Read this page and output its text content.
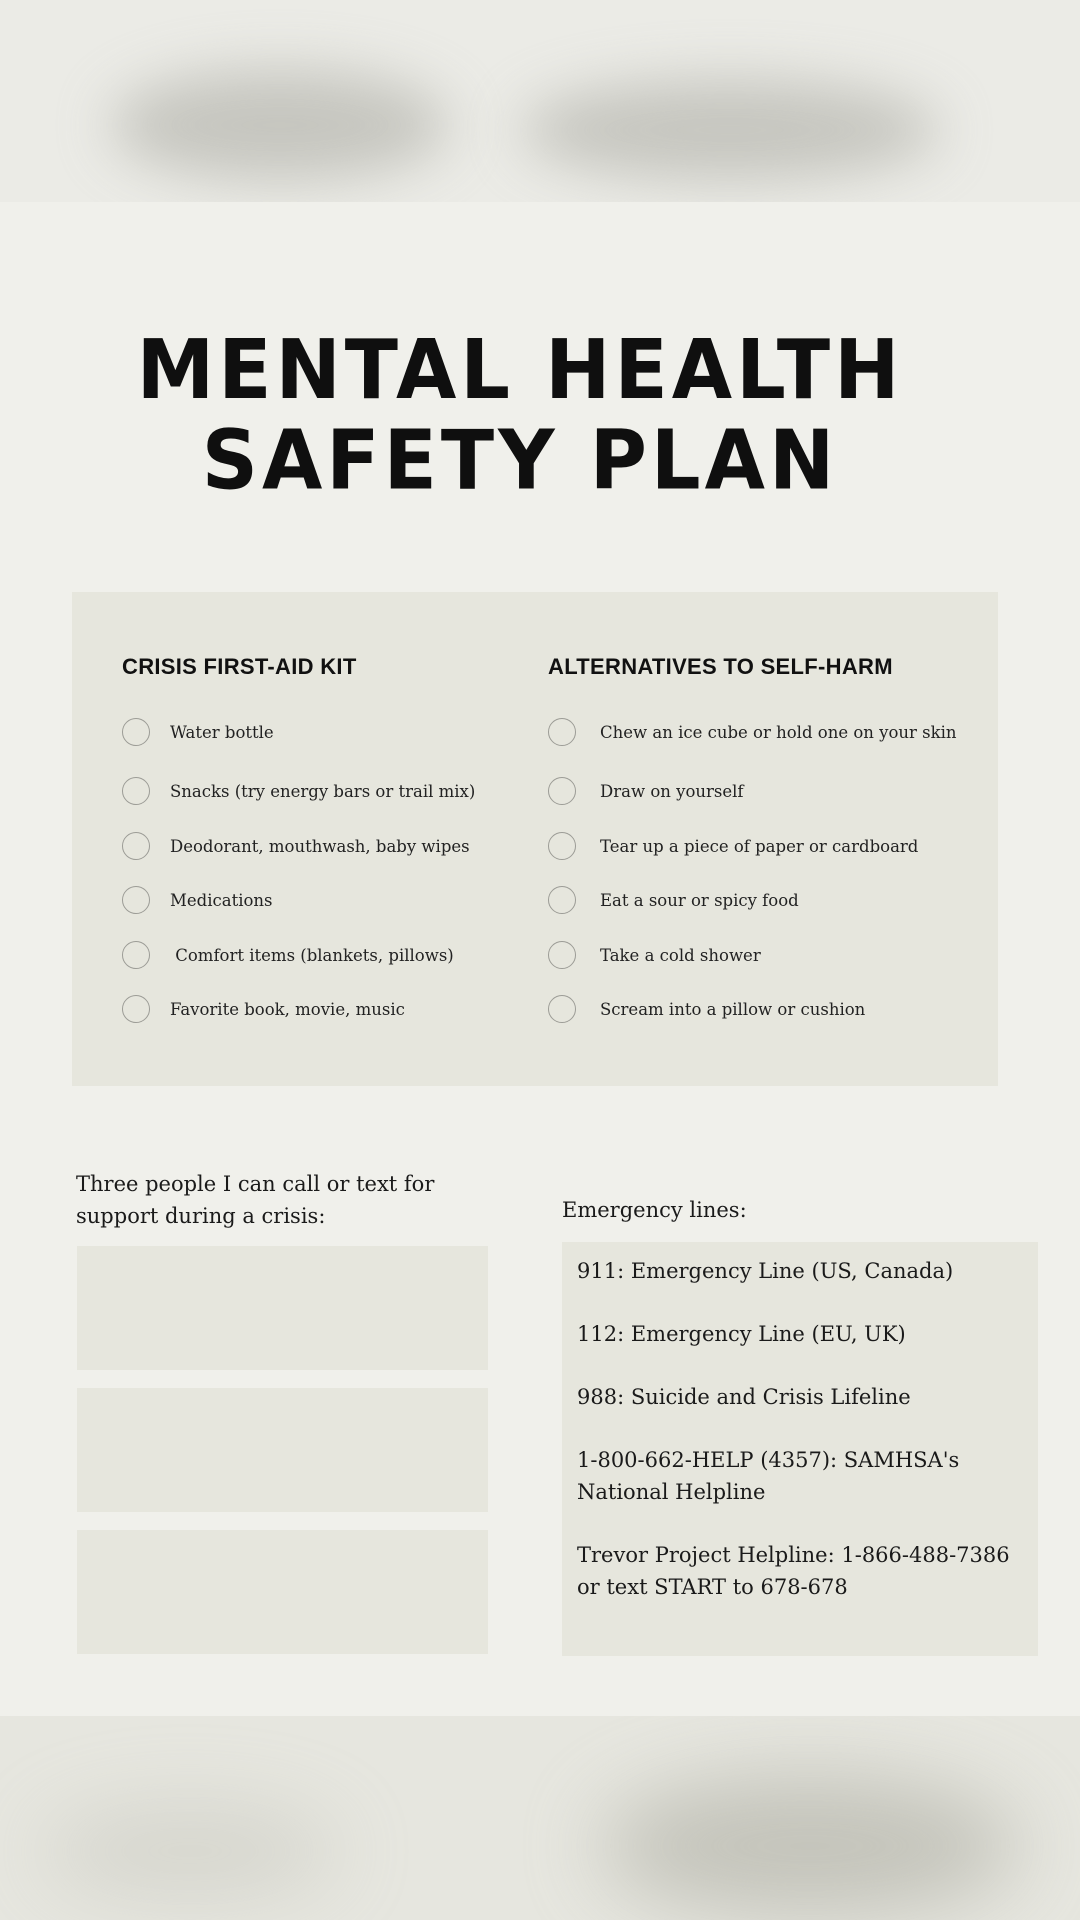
MENTAL HEALTH
SAFETY PLAN
CRISIS FIRST-AID KIT
Water bottle
Snacks (try energy bars or trail mix)
Deodorant, mouthwash, baby wipes
Medications
Comfort items (blankets, pillows)
Favorite book, movie, music
ALTERNATIVES TO SELF-HARM
Chew an ice cube or hold one on your skin
Draw on yourself
Tear up a piece of paper or cardboard
Eat a sour or spicy food
Take a cold shower
Scream into a pillow or cushion
Three people I can call or text for support during a crisis:	Emergency lines:
911: Emergency Line (US, Canada)
112: Emergency Line (EU, UK)
988: Suicide and Crisis Lifeline
1-800-662-HELP (4357): SAMHSA's National Helpline
Trevor Project Helpline: 1-866-488-7386 or text START to 678-678
